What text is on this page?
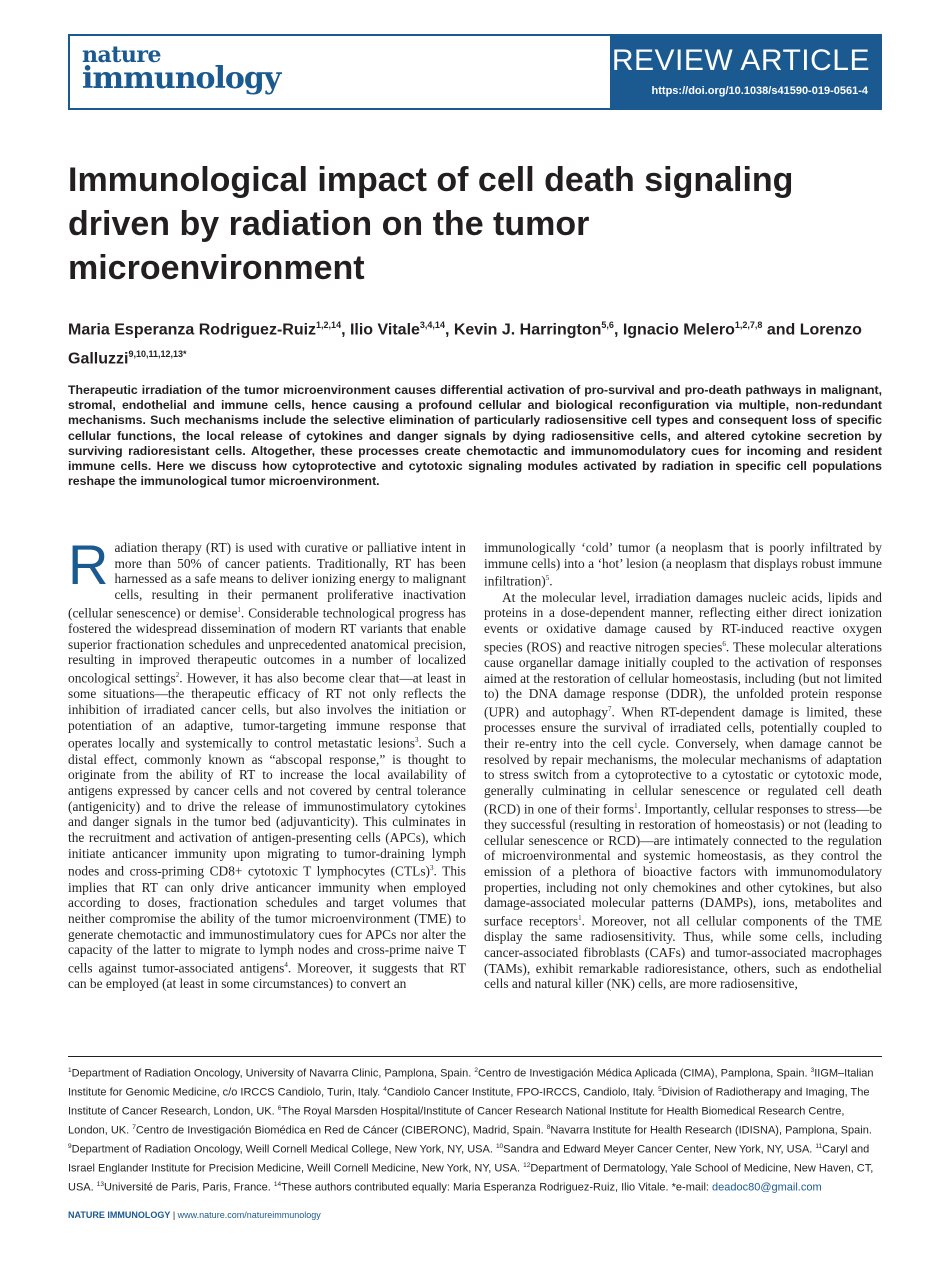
nature
immunology
REVIEW ARTICLE
https://doi.org/10.1038/s41590-019-0561-4
Immunological impact of cell death signaling driven by radiation on the tumor microenvironment
Maria Esperanza Rodriguez-Ruiz$^{1,2,14}$, Ilio Vitale$^{3,4,14}$, Kevin J. Harrington$^{5,6}$, Ignacio Melero$^{1,2,7,8}$ and Lorenzo Galluzzi$^{9,10,11,12,13*}$

Therapeutic irradiation of the tumor microenvironment causes differential activation of pro-survival and pro-death pathways in malignant, stromal, endothelial and immune cells, hence causing a profound cellular and biological reconfiguration via multiple, non-redundant mechanisms. Such mechanisms include the selective elimination of particularly radiosensitive cell types and consequent loss of specific cellular functions, the local release of cytokines and danger signals by dying radiosensitive cells, and altered cytokine secretion by surviving radioresistant cells. Altogether, these processes create chemotactic and immunomodulatory cues for incoming and resident immune cells. Here we discuss how cytoprotective and cytotoxic signaling modules activated by radiation in specific cell populations reshape the immunological tumor microenvironment.

Radiation therapy (RT) is used with curative or palliative intent in more than 50% of cancer patients. Traditionally, RT has been harnessed as a safe means to deliver ionizing energy to malignant cells, resulting in their permanent proliferative inactivation (cellular senescence) or demise$^1$. Considerable technological progress has fostered the widespread dissemination of modern RT variants that enable superior fractionation schedules and unprecedented anatomical precision, resulting in improved therapeutic outcomes in a number of localized oncological settings$^2$. However, it has also become clear that—at least in some situations—the therapeutic efficacy of RT not only reflects the inhibition of irradiated cancer cells, but also involves the initiation or potentiation of an adaptive, tumor-targeting immune response that operates locally and systemically to control metastatic lesions$^3$. Such a distal effect, commonly known as “abscopal response,” is thought to originate from the ability of RT to increase the local availability of antigens expressed by cancer cells and not covered by central tolerance (antigenicity) and to drive the release of immunostimulatory cytokines and danger signals in the tumor bed (adjuvanticity). This culminates in the recruitment and activation of antigen-presenting cells (APCs), which initiate anticancer immunity upon migrating to tumor-draining lymph nodes and cross-priming CD8+ cytotoxic T lymphocytes (CTLs)$^3$. This implies that RT can only drive anticancer immunity when employed according to doses, fractionation schedules and target volumes that neither compromise the ability of the tumor microenvironment (TME) to generate chemotactic and immunostimulatory cues for APCs nor alter the capacity of the latter to migrate to lymph nodes and cross-prime naive T cells against tumor-associated antigens$^4$. Moreover, it suggests that RT can be employed (at least in some circumstances) to convert an

immunologically ‘cold’ tumor (a neoplasm that is poorly infiltrated by immune cells) into a ‘hot’ lesion (a neoplasm that displays robust immune infiltration)$^5$.

At the molecular level, irradiation damages nucleic acids, lipids and proteins in a dose-dependent manner, reflecting either direct ionization events or oxidative damage caused by RT-induced reactive oxygen species (ROS) and reactive nitrogen species$^6$. These molecular alterations cause organellar damage initially coupled to the activation of responses aimed at the restoration of cellular homeostasis, including (but not limited to) the DNA damage response (DDR), the unfolded protein response (UPR) and autophagy$^7$. When RT-dependent damage is limited, these processes ensure the survival of irradiated cells, potentially coupled to their re-entry into the cell cycle. Conversely, when damage cannot be resolved by repair mechanisms, the molecular mechanisms of adaptation to stress switch from a cytoprotective to a cytostatic or cytotoxic mode, generally culminating in cellular senescence or regulated cell death (RCD) in one of their forms$^1$. Importantly, cellular responses to stress—be they successful (resulting in restoration of homeostasis) or not (leading to cellular senescence or RCD)—are intimately connected to the regulation of microenvironmental and systemic homeostasis, as they control the emission of a plethora of bioactive factors with immunomodulatory properties, including not only chemokines and other cytokines, but also damage-associated molecular patterns (DAMPs), ions, metabolites and surface receptors$^1$. Moreover, not all cellular components of the TME display the same radiosensitivity. Thus, while some cells, including cancer-associated fibroblasts (CAFs) and tumor-associated macrophages (TAMs), exhibit remarkable radioresistance, others, such as endothelial cells and natural killer (NK) cells, are more radiosensitive,

$^1$Department of Radiation Oncology, University of Navarra Clinic, Pamplona, Spain. $^2$Centro de Investigación Médica Aplicada (CIMA), Pamplona, Spain. $^3$IIGM–Italian Institute for Genomic Medicine, c/o IRCCS Candiolo, Turin, Italy. $^4$Candiolo Cancer Institute, FPO-IRCCS, Candiolo, Italy. $^5$Division of Radiotherapy and Imaging, The Institute of Cancer Research, London, UK. $^6$The Royal Marsden Hospital/Institute of Cancer Research National Institute for Health Biomedical Research Centre, London, UK. $^7$Centro de Investigación Biomédica en Red de Cáncer (CIBERONC), Madrid, Spain. $^8$Navarra Institute for Health Research (IDISNA), Pamplona, Spain. $^9$Department of Radiation Oncology, Weill Cornell Medical College, New York, NY, USA. $^{10}$Sandra and Edward Meyer Cancer Center, New York, NY, USA. $^{11}$Caryl and Israel Englander Institute for Precision Medicine, Weill Cornell Medicine, New York, NY, USA. $^{12}$Department of Dermatology, Yale School of Medicine, New Haven, CT, USA. $^{13}$Université de Paris, Paris, France. $^{14}$These authors contributed equally: Maria Esperanza Rodriguez-Ruiz, Ilio Vitale. *e-mail: deadoc80@gmail.com

NATURE IMMUNOLOGY | www.nature.com/natureimmunology
